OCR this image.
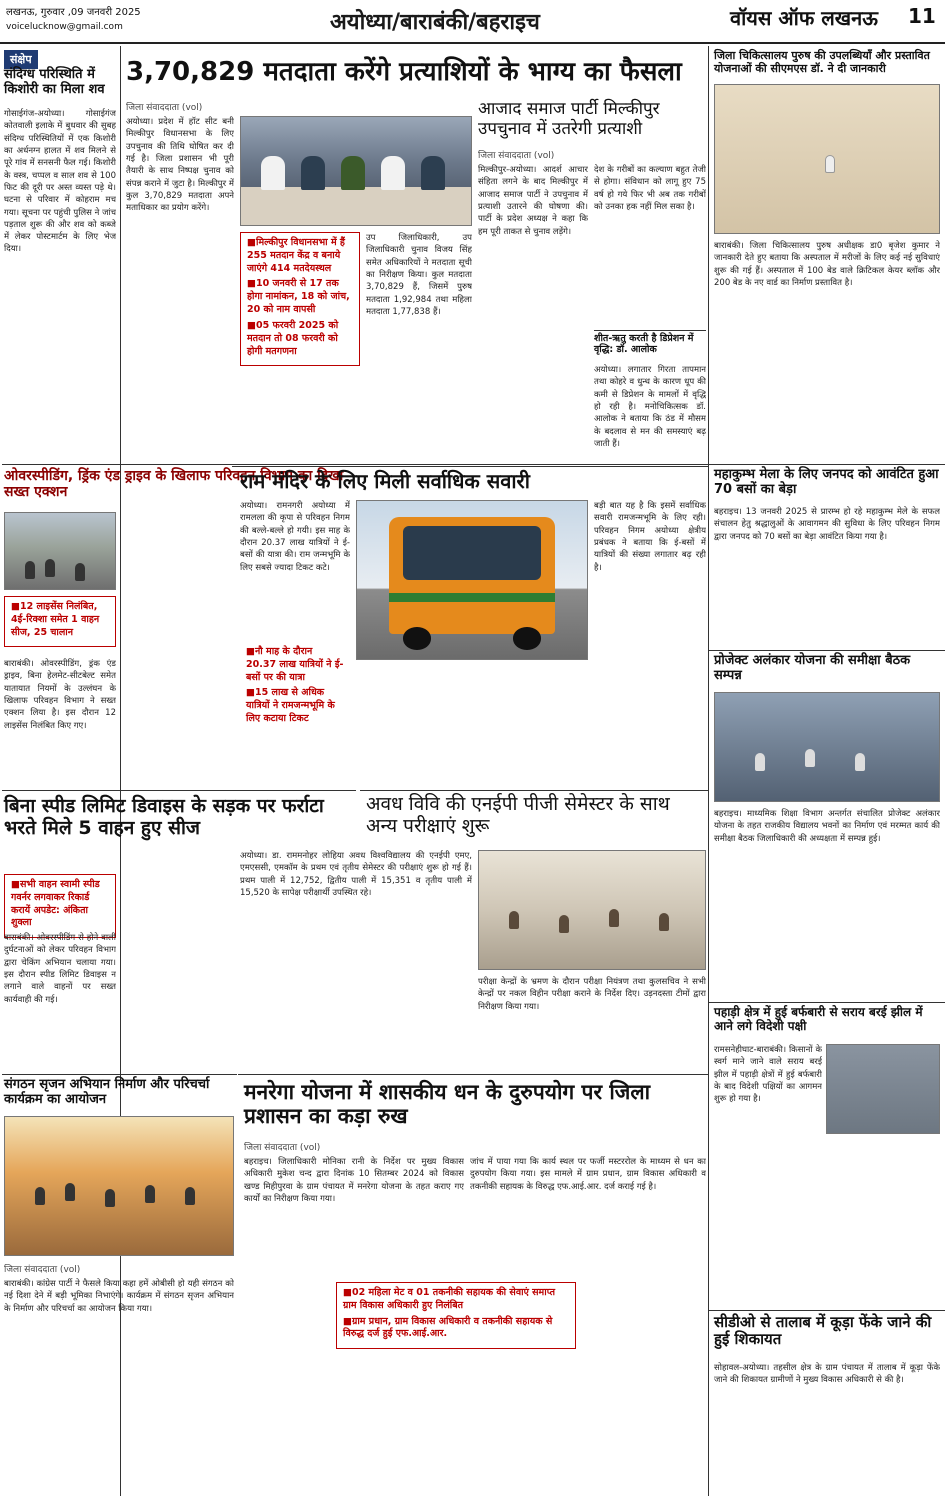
लखनऊ, गुरुवार ,09 जनवरी 2025
voicelucknow@gmail.com	अयोध्या/बाराबंकी/बहराइच	वॉयस ऑफ लखनऊ 11
संक्षेप
संदिग्ध परिस्थिति में किशोरी का मिला शव
गोसाईगंज-अयोध्या। गोसाईगंज कोतवाली इलाके में बुधवार की सुबह संदिग्ध परिस्थितियों में एक किशोरी का अर्धनग्न हालत में शव मिलने से पूरे गांव में सनसनी फैल गई। किशोरी के वस्त्र, चप्पल व साल शव से 100 फिट की दूरी पर अस्त व्यस्त पड़े थे। घटना से परिवार में कोहराम मच गया। सूचना पर पहुंची पुलिस ने जांच पड़ताल शुरू की और शव को कब्जे में लेकर पोस्टमार्टम के लिए भेज दिया।
ओवरस्पीडिंग, ड्रिंक एंड ड्राइव के खिलाफ परिवहन विभाग का दिखा सख्त एक्शन
■ 12 लाइसेंस निलंबित, 4ई-रिक्शा समेत 1 वाहन सीज, 25 चालान
बाराबंकी। ओवरस्पीडिंग, ड्रंक एंड ड्राइव, बिना हेलमेट-सीटबेल्ट समेत यातायात नियमों के उल्लंघन के खिलाफ परिवहन विभाग ने सख्त एक्शन लिया है। इस दौरान 12 लाइसेंस निलंबित किए गए।
बिना स्पीड लिमिट डिवाइस के सड़क पर फर्राटा भरते मिले 5 वाहन हुए सीज
■ सभी वाहन स्वामी स्पीड गवर्नर लगवाकर रिकार्ड करायें अपडेट: अंकिता शुक्ला
बाराबंकी। ओवरस्पीडिंग से होने वाली दुर्घटनाओं को लेकर परिवहन विभाग द्वारा चेकिंग अभियान चलाया गया। इस दौरान स्पीड लिमिट डिवाइस न लगाने वाले वाहनों पर सख्त कार्यवाही की गई।
संगठन सृजन अभियान निर्माण और परिचर्चा कार्यक्रम का आयोजन
जिला संवाददाता (vol)
बाराबंकी। कांग्रेस पार्टी ने फैसले किया कहा हमें ओबीसी हो यही संगठन को नई दिशा देने में बड़ी भूमिका निभाएंगे। कार्यक्रम में संगठन सृजन अभियान के निर्माण और परिचर्चा का आयोजन किया गया।
3,70,829 मतदाता करेंगे प्रत्याशियों के भाग्य का फैसला
जिला संवाददाता (vol)
अयोध्या। प्रदेश में हॉट सीट बनी मिल्कीपुर विधानसभा के लिए उपचुनाव की तिथि घोषित कर दी गई है। जिला प्रशासन भी पूरी तैयारी के साथ निष्पक्ष चुनाव को संपन्न कराने में जुटा है। मिल्कीपुर में कुल 3,70,829 मतदाता अपने मताधिकार का प्रयोग करेंगे।
■ मिल्कीपुर विधानसभा में हैं 255 मतदान केंद्र व बनाये जाएंगे 414 मतदेयस्थल
■ 10 जनवरी से 17 तक होगा नामांकन, 18 को जांच, 20 को नाम वापसी
■ 05 फरवरी 2025 को मतदान तो 08 फरवरी को होगी मतगणना
उप जिलाधिकारी, उप जिलाधिकारी चुनाव विजय सिंह समेत अधिकारियों ने मतदाता सूची का निरीक्षण किया। कुल मतदाता 3,70,829 हैं, जिसमें पुरुष मतदाता 1,92,984 तथा महिला मतदाता 1,77,838 हैं।
आजाद समाज पार्टी मिल्कीपुर उपचुनाव में उतरेगी प्रत्याशी
जिला संवाददाता (vol)
मिल्कीपुर-अयोध्या। आदर्श आचार संहिता लगने के बाद मिल्कीपुर में आजाद समाज पार्टी ने उपचुनाव में प्रत्याशी उतारने की घोषणा की। पार्टी के प्रदेश अध्यक्ष ने कहा कि हम पूरी ताकत से चुनाव लड़ेंगे।
देश के गरीबों का कल्याण बहुत तेजी से होगा। संविधान को लागू हुए 75 वर्ष हो गये फिर भी अब तक गरीबों को उनका हक नहीं मिल सका है।
शीत-ऋतु करती है डिप्रेशन में वृद्धि: डॉ. आलोक
अयोध्या। लगातार गिरता तापमान तथा कोहरे व धुन्ध के कारण धूप की कमी से डिप्रेशन के मामलों में वृद्धि हो रही है। मनोचिकित्सक डॉ. आलोक ने बताया कि ठंड में मौसम के बदलाव से मन की समस्याएं बढ़ जाती हैं।
राम मंदिर के लिए मिली सर्वाधिक सवारी
अयोध्या। रामनगरी अयोध्या में रामलला की कृपा से परिवहन निगम की बल्ले-बल्ले हो गयी। इस माह के दौरान 20.37 लाख यात्रियों ने ई-बसों की यात्रा की। राम जन्मभूमि के लिए सबसे ज्यादा टिकट कटे।
■ नौ माह के दौरान 20.37 लाख यात्रियों ने ई-बसों पर की यात्रा
■ 15 लाख से अधिक यात्रियों ने रामजन्मभूमि के लिए कटाया टिकट
बड़ी बात यह है कि इसमें सर्वाधिक सवारी रामजन्मभूमि के लिए रही। परिवहन निगम अयोध्या क्षेत्रीय प्रबंधक ने बताया कि ई-बसों में यात्रियों की संख्या लगातार बढ़ रही है।
अवध विवि की एनईपी पीजी सेमेस्टर के साथ अन्य परीक्षाएं शुरू
अयोध्या। डा. राममनोहर लोहिया अवध विश्वविद्यालय की एनईपी एमए, एमएससी, एमकॉम के प्रथम एवं तृतीय सेमेस्टर की परीक्षाएं शुरू हो गई हैं। प्रथम पाली में 12,752, द्वितीय पाली में 15,351 व तृतीय पाली में 15,520 के सापेक्ष परीक्षार्थी उपस्थित रहे।
परीक्षा केन्द्रों के भ्रमण के दौरान परीक्षा नियंत्रण तथा कुलसचिव ने सभी केन्द्रों पर नकल विहीन परीक्षा कराने के निर्देश दिए। उड़नदस्ता टीमों द्वारा निरीक्षण किया गया।
मनरेगा योजना में शासकीय धन के दुरुपयोग पर जिला प्रशासन का कड़ा रुख
जिला संवाददाता (vol)
बहराइच। जिलाधिकारी मोनिका रानी के निर्देश पर मुख्य विकास अधिकारी मुकेश चन्द द्वारा दिनांक 10 सितम्बर 2024 को विकास खण्ड मिहीपुरवा के ग्राम पंचायत में मनरेगा योजना के तहत कराए गए कार्यों का निरीक्षण किया गया।
■ 02 महिला मेट व 01 तकनीकी सहायक की सेवाएं समाप्त ग्राम विकास अधिकारी हुए निलंबित
■ ग्राम प्रधान, ग्राम विकास अधिकारी व तकनीकी सहायक से विरुद्ध दर्ज हुई एफ.आई.आर.
जांच में पाया गया कि कार्य स्थल पर फर्जी मस्टररोल के माध्यम से धन का दुरुपयोग किया गया। इस मामले में ग्राम प्रधान, ग्राम विकास अधिकारी व तकनीकी सहायक के विरुद्ध एफ.आई.आर. दर्ज कराई गई है।
जिला चिकित्सालय पुरुष की उपलब्धियाँ और प्रस्तावित योजनाओं की सीएमएस डॉ. ने दी जानकारी
बाराबंकी। जिला चिकित्सालय पुरुष अधीक्षक डा0 बृजेश कुमार ने जानकारी देते हुए बताया कि अस्पताल में मरीजों के लिए कई नई सुविधाएं शुरू की गई हैं। अस्पताल में 100 बेड वाले क्रिटिकल केयर ब्लॉक और 200 बेड के नए वार्ड का निर्माण प्रस्तावित है।
महाकुम्भ मेला के लिए जनपद को आवंटित हुआ 70 बसों का बेड़ा
बहराइच। 13 जनवरी 2025 से प्रारम्भ हो रहे महाकुम्भ मेले के सफल संचालन हेतु श्रद्धालुओं के आवागमन की सुविधा के लिए परिवहन निगम द्वारा जनपद को 70 बसों का बेड़ा आवंटित किया गया है।
प्रोजेक्ट अलंकार योजना की समीक्षा बैठक सम्पन्न
बहराइच। माध्यमिक शिक्षा विभाग अन्तर्गत संचालित प्रोजेक्ट अलंकार योजना के तहत राजकीय विद्यालय भवनों का निर्माण एवं मरम्मत कार्य की समीक्षा बैठक जिलाधिकारी की अध्यक्षता में सम्पन्न हुई।
पहाड़ी क्षेत्र में हुई बर्फबारी से सराय बरई झील में आने लगे विदेशी पक्षी
रामसनेहीघाट-बाराबंकी। किसानों के स्वर्ग माने जाने वाले सराय बरई झील में पहाड़ी क्षेत्रों में हुई बर्फबारी के बाद विदेशी पक्षियों का आगमन शुरू हो गया है।
सीडीओ से तालाब में कूड़ा फेंके जाने की हुई शिकायत
सोहावल-अयोध्या। तहसील क्षेत्र के ग्राम पंचायत में तालाब में कूड़ा फेंके जाने की शिकायत ग्रामीणों ने मुख्य विकास अधिकारी से की है।
